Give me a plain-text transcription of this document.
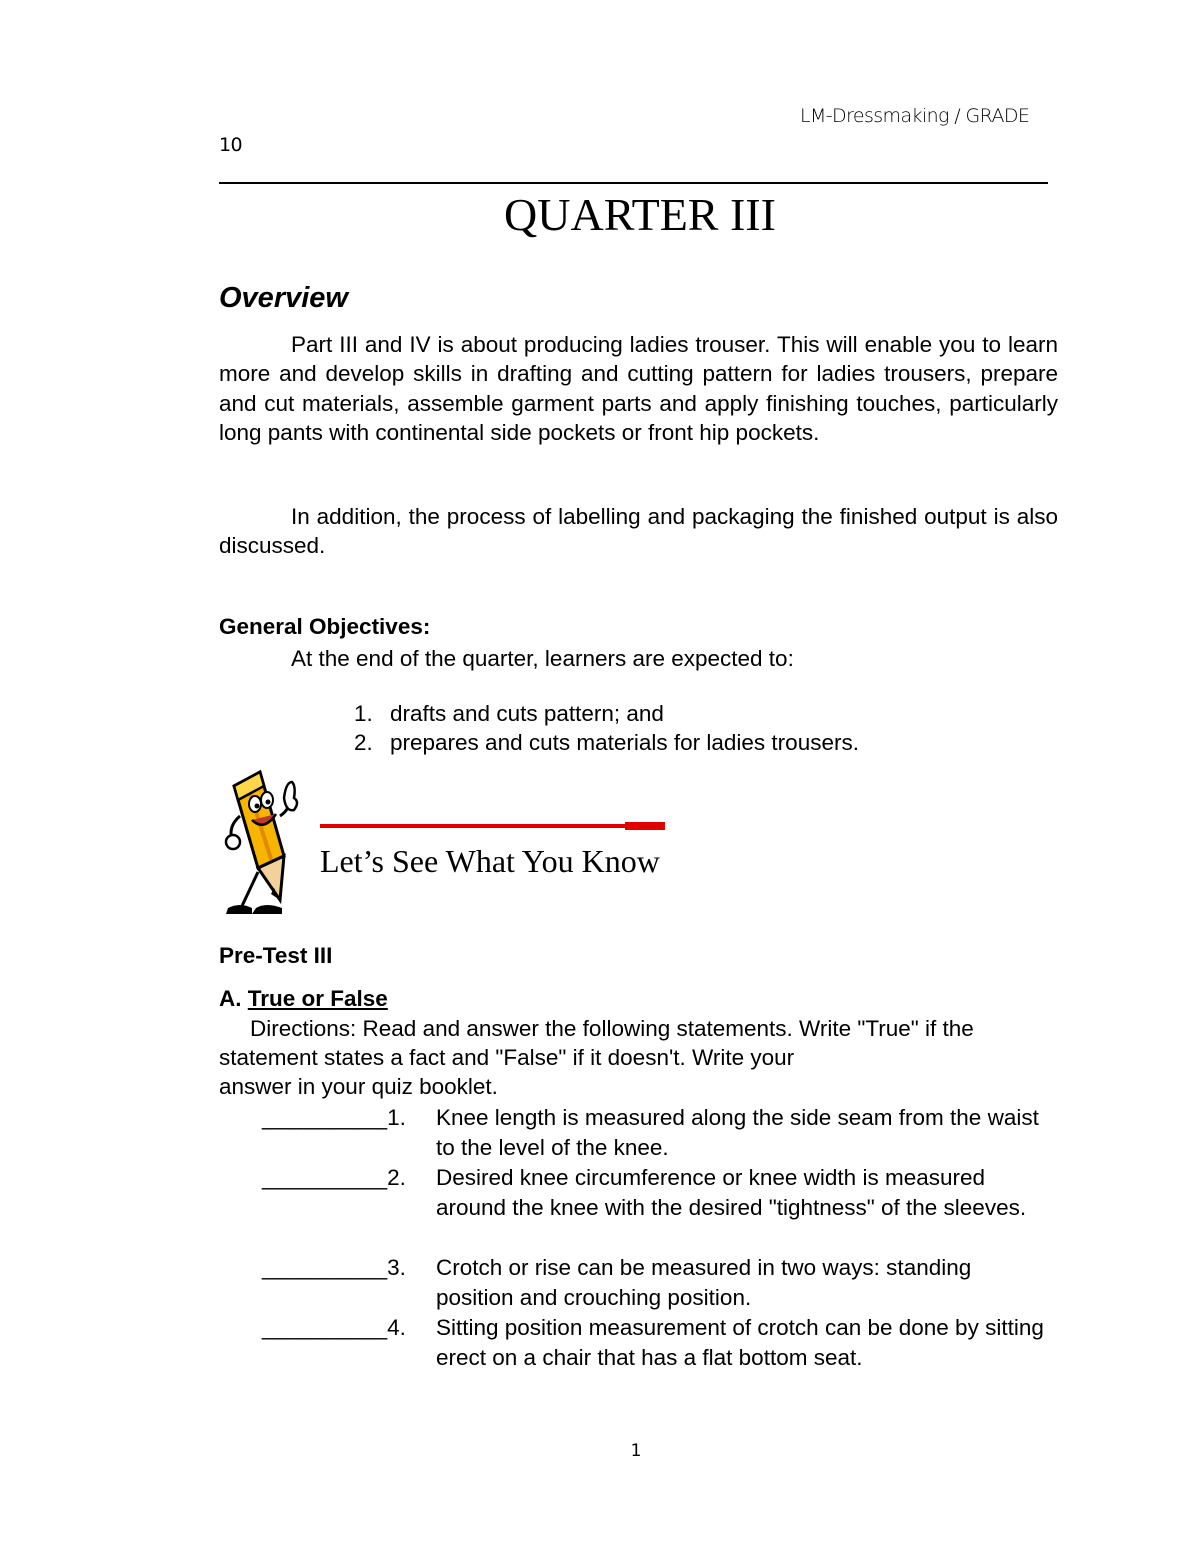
LM-Dressmaking / GRADE
10
QUARTER III
Overview

Part III and IV is about producing ladies trouser. This will enable you to learn more and develop skills in drafting and cutting pattern for ladies trousers, prepare and cut materials, assemble garment parts and apply finishing touches, particularly long pants with continental side pockets or front hip pockets.

In addition, the process of labelling and packaging the finished output is also discussed.

General Objectives:
At the end of the quarter, learners are expected to:
1. drafts and cuts pattern; and
2. prepares and cuts materials for ladies trousers.
Let’s See What You Know
Pre-Test III
A. True or False
Directions: Read and answer the following statements. Write "True" if the
statement states a fact and "False" if it doesn't. Write your
answer in your quiz booklet.
__________1. Knee length is measured along the side seam from the waist to the level of the knee.
__________2. Desired knee circumference or knee width is measured around the knee with the desired "tightness" of the sleeves.
__________3. Crotch or rise can be measured in two ways: standing position and crouching position.
__________4. Sitting position measurement of crotch can be done by sitting erect on a chair that has a flat bottom seat.
1
